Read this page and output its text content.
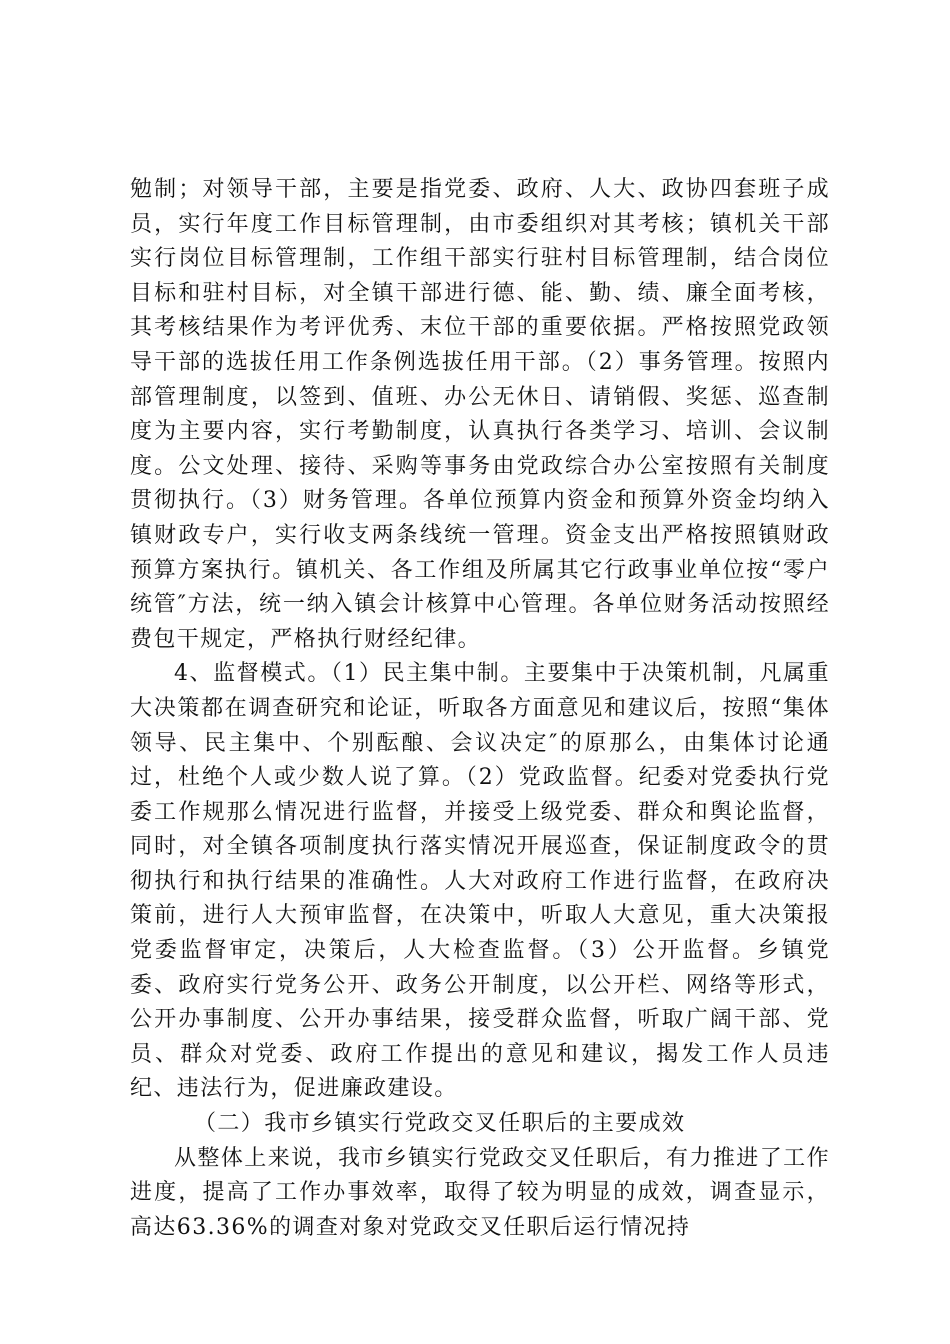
勉制；对领导干部，主要是指党委、政府、人大、政协四套班子成员，实行年度工作目标管理制，由市委组织对其考核；镇机关干部实行岗位目标管理制，工作组干部实行驻村目标管理制，结合岗位目标和驻村目标，对全镇干部进行德、能、勤、绩、廉全面考核，其考核结果作为考评优秀、末位干部的重要依据。严格按照党政领导干部的选拔任用工作条例选拔任用干部。（2）事务管理。按照内部管理制度，以签到、值班、办公无休日、请销假、奖惩、巡查制度为主要内容，实行考勤制度，认真执行各类学习、培训、会议制度。公文处理、接待、采购等事务由党政综合办公室按照有关制度贯彻执行。（3）财务管理。各单位预算内资金和预算外资金均纳入镇财政专户，实行收支两条线统一管理。资金支出严格按照镇财政预算方案执行。镇机关、各工作组及所属其它行政事业单位按“零户统管″方法，统一纳入镇会计核算中心管理。各单位财务活动按照经费包干规定，严格执行财经纪律。

4、监督模式。（1）民主集中制。主要集中于决策机制，凡属重大决策都在调查研究和论证，听取各方面意见和建议后，按照“集体领导、民主集中、个别酝酿、会议决定″的原那么，由集体讨论通过，杜绝个人或少数人说了算。（2）党政监督。纪委对党委执行党委工作规那么情况进行监督，并接受上级党委、群众和舆论监督，同时，对全镇各项制度执行落实情况开展巡查，保证制度政令的贯彻执行和执行结果的准确性。人大对政府工作进行监督，在政府决策前，进行人大预审监督，在决策中，听取人大意见，重大决策报党委监督审定，决策后，人大检查监督。（3）公开监督。乡镇党委、政府实行党务公开、政务公开制度，以公开栏、网络等形式，公开办事制度、公开办事结果，接受群众监督，听取广阔干部、党员、群众对党委、政府工作提出的意见和建议，揭发工作人员违纪、违法行为，促进廉政建设。

（二）我市乡镇实行党政交叉任职后的主要成效

从整体上来说，我市乡镇实行党政交叉任职后，有力推进了工作进度，提高了工作办事效率，取得了较为明显的成效，调查显示，高达63.36%的调查对象对党政交叉任职后运行情况持
